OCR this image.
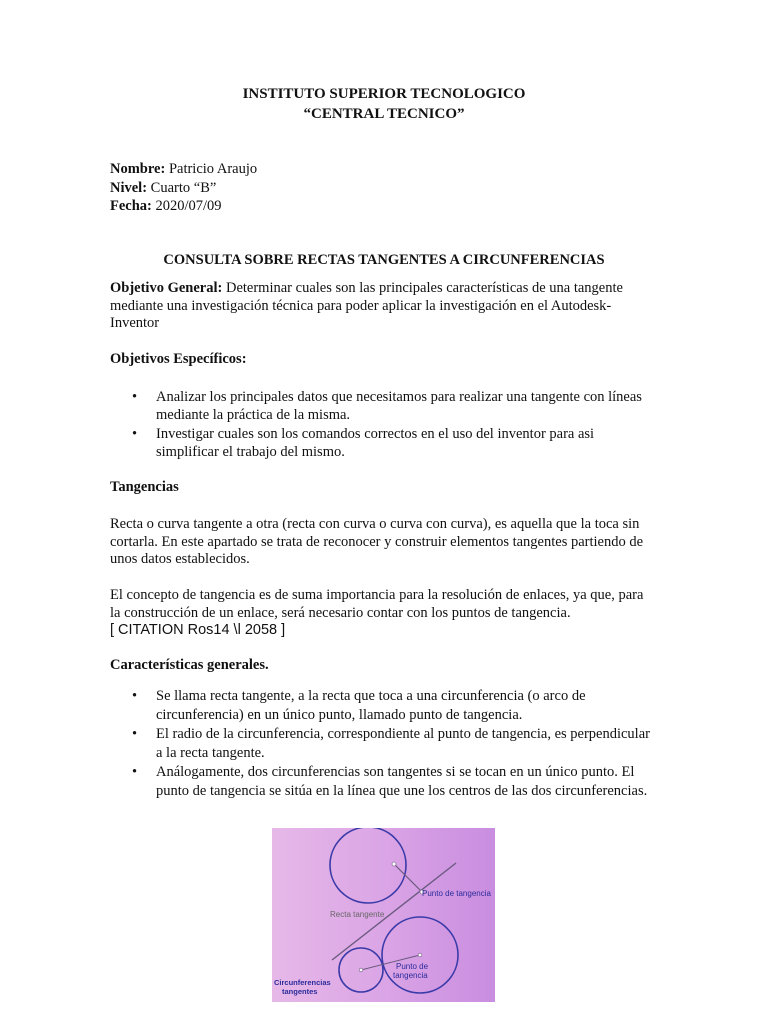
INSTITUTO SUPERIOR TECNOLOGICO
“CENTRAL TECNICO”
Nombre: Patricio Araujo
Nivel: Cuarto “B”
Fecha: 2020/07/09
CONSULTA SOBRE RECTAS TANGENTES A CIRCUNFERENCIAS
Objetivo General: Determinar cuales son las principales características de una tangente mediante una investigación técnica para poder aplicar la investigación en el Autodesk-Inventor
Objetivos Específicos:
• Analizar los principales datos que necesitamos para realizar una tangente con líneas mediante la práctica de la misma.
• Investigar cuales son los comandos correctos en el uso del inventor para asi simplificar el trabajo del mismo.
Tangencias
Recta o curva tangente a otra (recta con curva o curva con curva), es aquella que la toca sin cortarla. En este apartado se trata de reconocer y construir elementos tangentes partiendo de unos datos establecidos.
El concepto de tangencia es de suma importancia para la resolución de enlaces, ya que, para la construcción de un enlace, será necesario contar con los puntos de tangencia.
[ CITATION Ros14 \l 2058 ]
Características generales.
• Se llama recta tangente, a la recta que toca a una circunferencia (o arco de circunferencia) en un único punto, llamado punto de tangencia.
• El radio de la circunferencia, correspondiente al punto de tangencia, es perpendicular a la recta tangente.
• Análogamente, dos circunferencias son tangentes si se tocan en un único punto. El punto de tangencia se sitúa en la línea que une los centros de las dos circunferencias.
Punto de tangencia
Recta tangente
Punto de
tangencia
Circunferencias
tangentes
